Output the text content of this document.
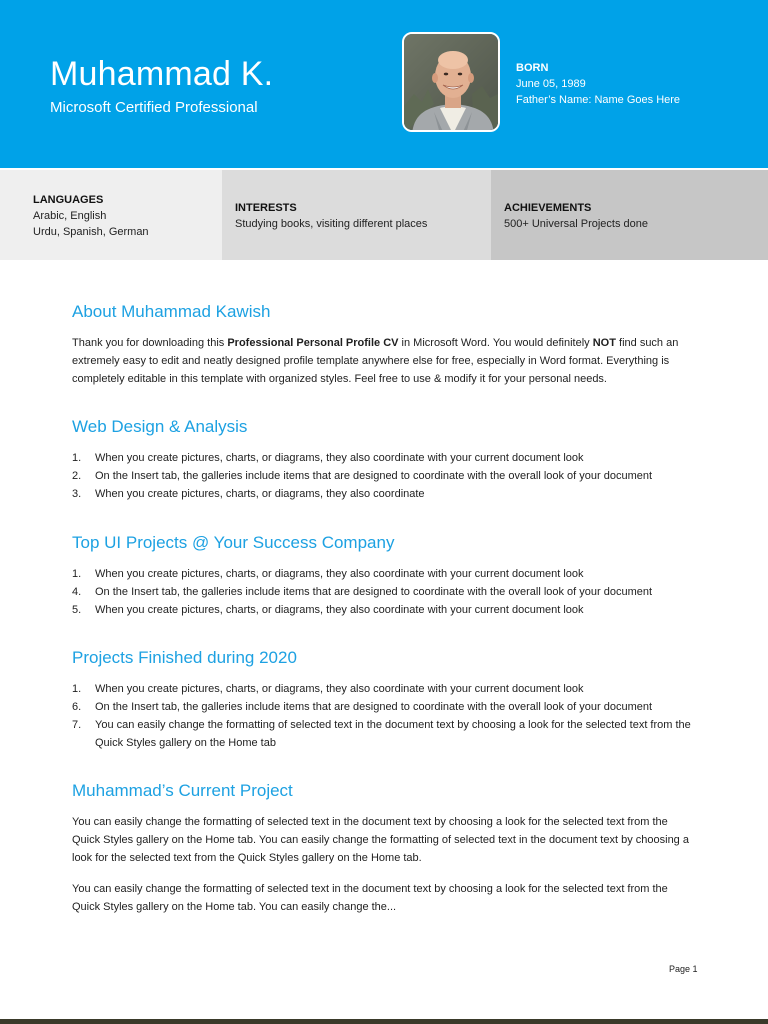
Muhammad K.
Microsoft Certified Professional
BORN
June 05, 1989
Father’s Name: Name Goes Here
LANGUAGES
Arabic, English
Urdu, Spanish, German
INTERESTS
Studying books, visiting different places
ACHIEVEMENTS
500+ Universal Projects done
About Muhammad Kawish
Thank you for downloading this Professional Personal Profile CV in Microsoft Word. You would definitely NOT find such an extremely easy to edit and neatly designed profile template anywhere else for free, especially in Word format. Everything is completely editable in this template with organized styles. Feel free to use & modify it for your personal needs.
Web Design & Analysis
1. When you create pictures, charts, or diagrams, they also coordinate with your current document look
2. On the Insert tab, the galleries include items that are designed to coordinate with the overall look of your document
3. When you create pictures, charts, or diagrams, they also coordinate
Top UI Projects @ Your Success Company
1. When you create pictures, charts, or diagrams, they also coordinate with your current document look
4. On the Insert tab, the galleries include items that are designed to coordinate with the overall look of your document
5. When you create pictures, charts, or diagrams, they also coordinate with your current document look
Projects Finished during 2020
1. When you create pictures, charts, or diagrams, they also coordinate with your current document look
6. On the Insert tab, the galleries include items that are designed to coordinate with the overall look of your document
7. You can easily change the formatting of selected text in the document text by choosing a look for the selected text from the Quick Styles gallery on the Home tab
Muhammad’s Current Project
You can easily change the formatting of selected text in the document text by choosing a look for the selected text from the Quick Styles gallery on the Home tab. You can easily change the formatting of selected text in the document text by choosing a look for the selected text from the Quick Styles gallery on the Home tab.
You can easily change the formatting of selected text in the document text by choosing a look for the selected text from the Quick Styles gallery on the Home tab. You can easily change the...
Page 1
